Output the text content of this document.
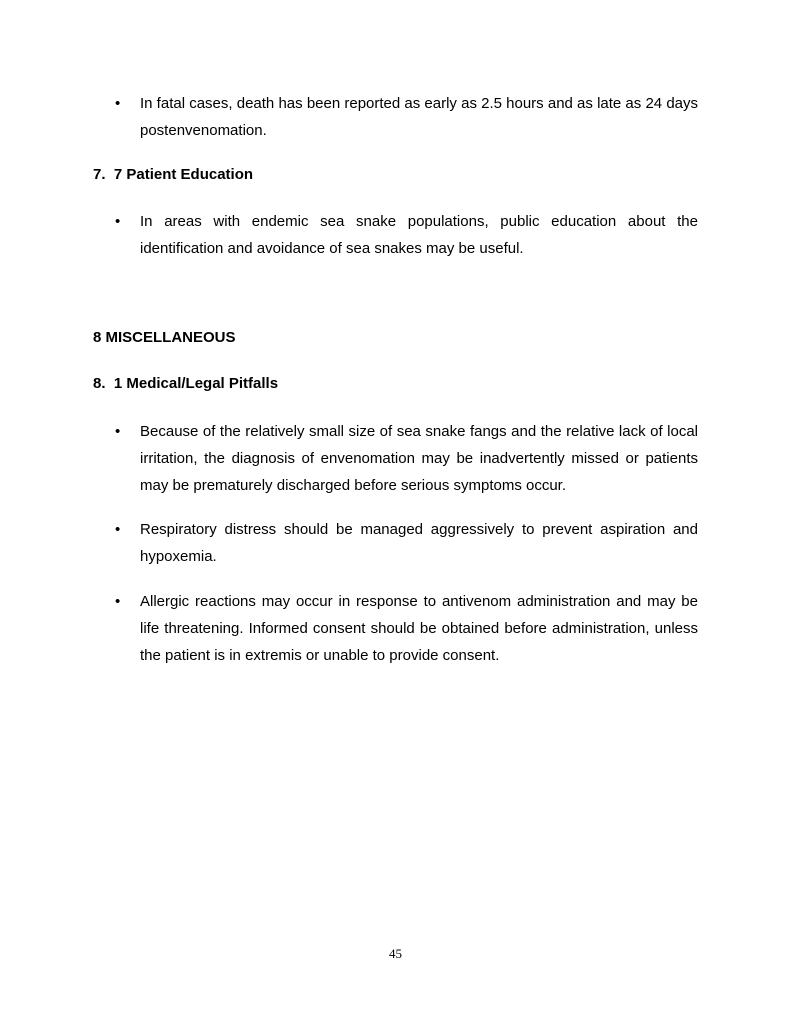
•	In fatal cases, death has been reported as early as 2.5 hours and as late as 24 days postenvenomation.
7.  7 Patient Education
•	In areas with endemic sea snake populations, public education about the identification and avoidance of sea snakes may be useful.
8 MISCELLANEOUS
8.  1 Medical/Legal Pitfalls
•	Because of the relatively small size of sea snake fangs and the relative lack of local irritation, the diagnosis of envenomation may be inadvertently missed or patients may be prematurely discharged before serious symptoms occur.
•	Respiratory distress should be managed aggressively to prevent aspiration and hypoxemia.
•	Allergic reactions may occur in response to antivenom administration and may be life threatening. Informed consent should be obtained before administration, unless the patient is in extremis or unable to provide consent.
45
